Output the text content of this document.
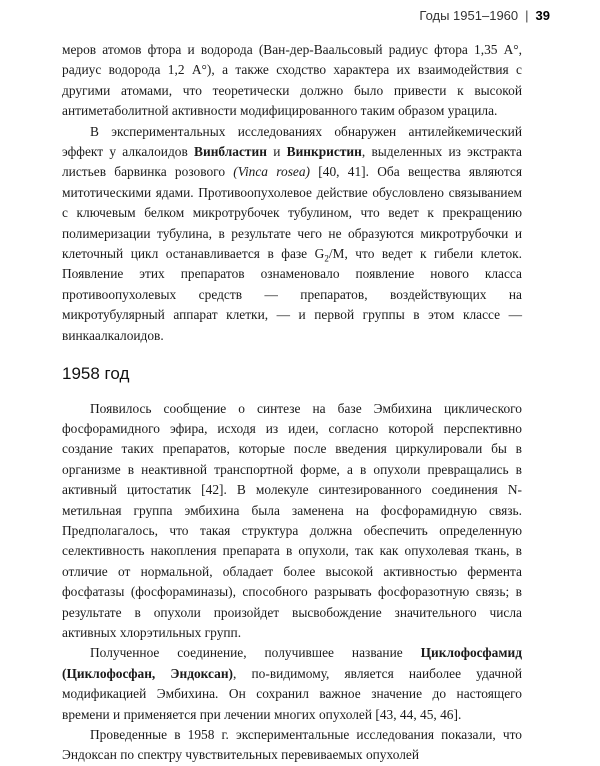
Годы 1951–1960 | 39

меров атомов фтора и водорода (Ван-дер-Ваальсовый радиус фтора 1,35 А°, радиус водорода 1,2 А°), а также сходство характера их взаимодействия с другими атомами, что теоретически должно было привести к высокой антиметаболитной активности модифицированного таким образом урацила.

В экспериментальных исследованиях обнаружен антилейкемический эффект у алкалоидов Винбластин и Винкристин, выделенных из экстракта листьев барвинка розового (Vinca rosea) [40, 41]. Оба вещества являются митотическими ядами. Противоопухолевое действие обусловлено связыванием с ключевым белком микротрубочек тубулином, что ведет к прекращению полимеризации тубулина, в результате чего не образуются микротрубочки и клеточный цикл останавливается в фазе $G_2/M$, что ведет к гибели клеток. Появление этих препаратов ознаменовало появление нового класса противоопухолевых средств — препаратов, воздействующих на микротубулярный аппарат клетки, — и первой группы в этом классе — винкаалкалоидов.

1958 год

Появилось сообщение о синтезе на базе Эмбихина циклического фосфорамидного эфира, исходя из идеи, согласно которой перспективно создание таких препаратов, которые после введения циркулировали бы в организме в неактивной транспортной форме, а в опухоли превращались в активный цитостатик [42]. В молекуле синтезированного соединения N-метильная группа эмбихина была заменена на фосфорамидную связь. Предполагалось, что такая структура должна обеспечить определенную селективность накопления препарата в опухоли, так как опухолевая ткань, в отличие от нормальной, обладает более высокой активностью фермента фосфатазы (фосфораминазы), способного разрывать фосфоразотную связь; в результате в опухоли произойдет высвобождение значительного числа активных хлорэтильных групп.

Полученное соединение, получившее название Циклофосфамид (Циклофосфан, Эндоксан), по-видимому, является наиболее удачной модификацией Эмбихина. Он сохранил важное значение до настоящего времени и применяется при лечении многих опухолей [43, 44, 45, 46].

Проведенные в 1958 г. экспериментальные исследования показали, что Эндоксан по спектру чувствительных перевиваемых опухолей
